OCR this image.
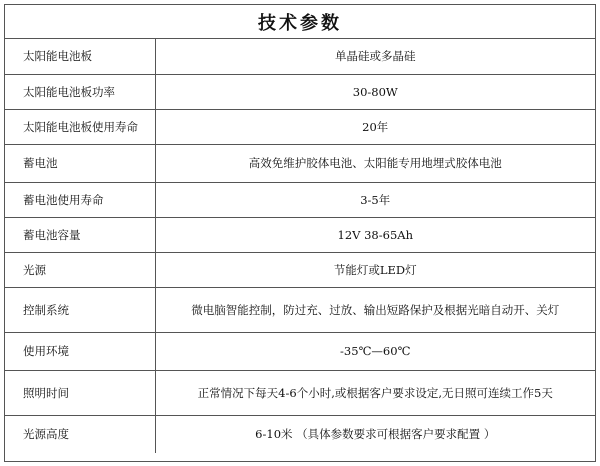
技术参数
太阳能电池板	单晶硅或多晶硅
太阳能电池板功率	30-80W
太阳能电池板使用寿命	20年
蓄电池	高效免维护胶体电池、太阳能专用地埋式胶体电池
蓄电池使用寿命	3-5年
蓄电池容量	12V 38-65Ah
光源	节能灯或LED灯
控制系统	微电脑智能控制，防过充、过放、输出短路保护及根据光暗自动开、关灯
使用环境	-35℃—60℃
照明时间	正常情况下每天4-6个小时,或根据客户要求设定,无日照可连续工作5天
光源高度	6-10米 （具体参数要求可根据客户要求配置 ）
